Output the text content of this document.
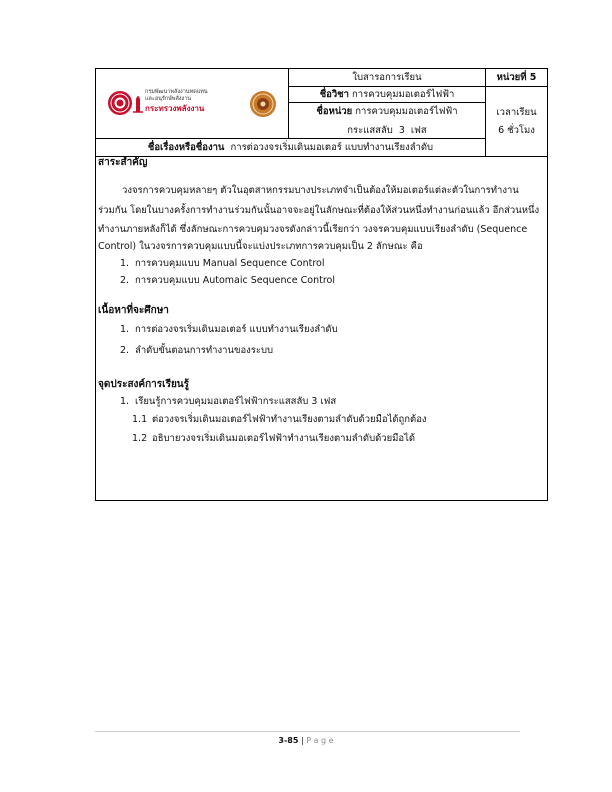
กรมพัฒนาพลังงานทดแทน
และอนุรักษ์พลังงาน
กระทรวงพลังงาน
ใบสารอการเรียน	หน่วยที่ 5
ชื่อวิชา การควบคุมมอเตอร์ไฟฟ้า
ชื่อหน่วย การควบคุมมอเตอร์ไฟฟ้า
กระแสสลับ  3  เฟส
เวลาเรียน
6 ชั่วโมง
ชื่อเรื่องหรือชื่องาน การต่อวงจรเริ่มเดินมอเตอร์ แบบทำงานเรียงลำดับ
สาระสำคัญ
วงจรการควบคุมหลายๆ ตัวในอุตสาหกรรมบางประเภทจำเป็นต้องให้มอเตอร์แต่ละตัวในการทำงาน
ร่วมกัน โดยในบางครั้งการทำงานร่วมกันนั้นอาจจะอยู่ในลักษณะที่ต้องให้ส่วนหนึ่งทำงานก่อนแล้ว อีกส่วนหนึ่ง
ทำงานภายหลังก็ได้ ซึ่งลักษณะการควบคุมวงจรดังกล่าวนี้เรียกว่า วงจรควบคุมแบบเรียงลำดับ (Sequence
Control) ในวงจรการควบคุมแบบนี้จะแบ่งประเภทการควบคุมเป็น 2 ลักษณะ คือ
1. การควบคุมแบบ Manual Sequence Control
2. การควบคุมแบบ Automaic Sequence Control
เนื้อหาที่จะศึกษา
1. การต่อวงจรเริ่มเดินมอเตอร์ แบบทำงานเรียงลำดับ
2. ลำดับขั้นตอนการทำงานของระบบ
จุดประสงค์การเรียนรู้
1. เรียนรู้การควบคุมมอเตอร์ไฟฟ้ากระแสสลับ 3 เฟส
1.1 ต่อวงจรเริ่มเดินมอเตอร์ไฟฟ้าทำงานเรียงตามลำดับด้วยมือได้ถูกต้อง
1.2 อธิบายวงจรเริ่มเดินมอเตอร์ไฟฟ้าทำงานเรียงตามลำดับด้วยมือได้
3-85 | P a g e
